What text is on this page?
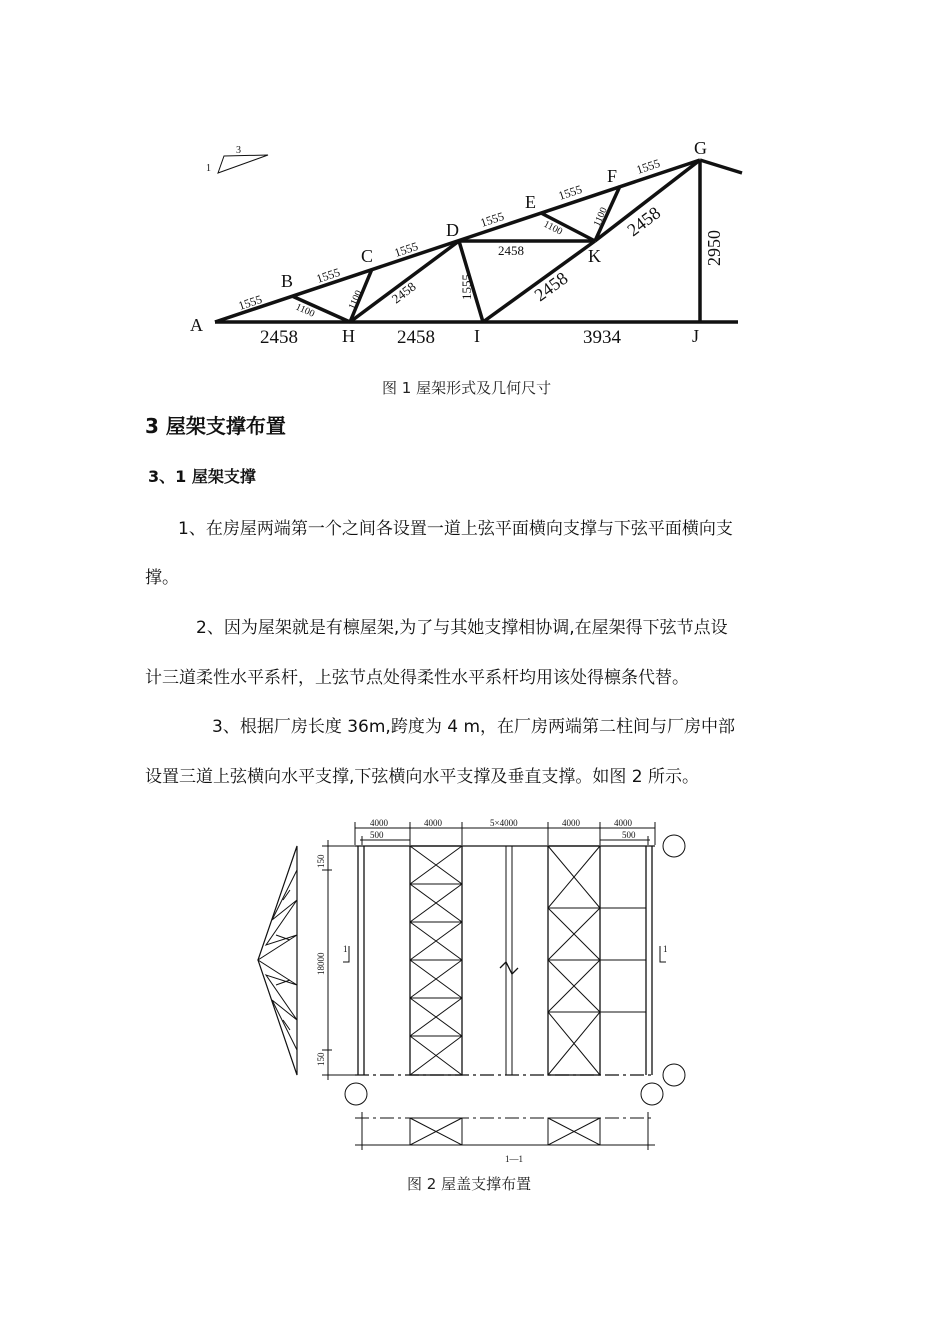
3
1
A
B
C
D
E
F
G
H	I	J
K
1555
1555
1555
1555
1555
1555
1100	1100
1100
1100
2458	1555
2458
2458
2458
2950
2458	2458	3934
图 1 屋架形式及几何尺寸
3 屋架支撑布置
3、1 屋架支撑
1、在房屋两端第一个之间各设置一道上弦平面横向支撑与下弦平面横向支
撑。
2、因为屋架就是有檩屋架,为了与其她支撑相协调,在屋架得下弦节点设
计三道柔性水平系杆，上弦节点处得柔性水平系杆均用该处得檩条代替。
3、根据厂房长度 36m,跨度为 4 m，在厂房两端第二柱间与厂房中部
设置三道上弦横向水平支撑,下弦横向水平支撑及垂直支撑。如图 2 所示。
4000	4000	5×4000	4000	4000
500	500
150
18000
150
1	1
1—1
图 2 屋盖支撑布置
